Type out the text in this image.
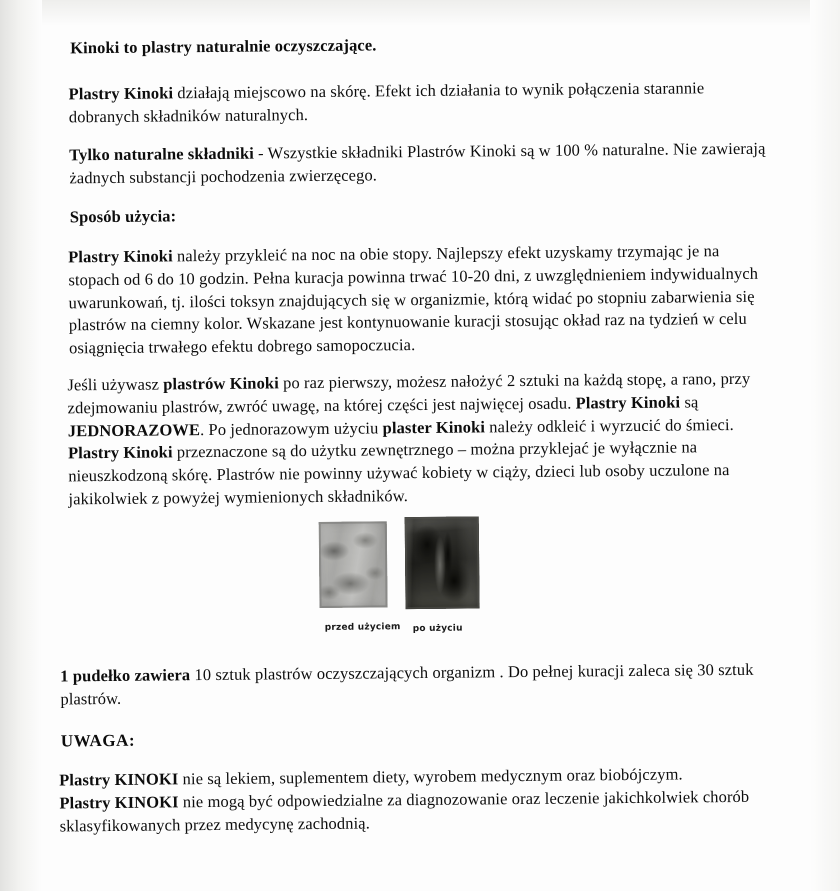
Kinoki to plastry naturalnie oczyszczające.
Plastry Kinoki działają miejscowo na skórę. Efekt ich działania to wynik połączenia starannie dobranych składników naturalnych.
Tylko naturalne składniki - Wszystkie składniki Plastrów Kinoki są w 100 % naturalne. Nie zawierają żadnych substancji pochodzenia zwierzęcego.
Sposób użycia:
Plastry Kinoki należy przykleić na noc na obie stopy. Najlepszy efekt uzyskamy trzymając je na stopach od 6 do 10 godzin. Pełna kuracja powinna trwać 10-20 dni, z uwzględnieniem indywidualnych uwarunkowań, tj. ilości toksyn znajdujących się w organizmie, którą widać po stopniu zabarwienia się plastrów na ciemny kolor. Wskazane jest kontynuowanie kuracji stosując okład raz na tydzień w celu osiągnięcia trwałego efektu dobrego samopoczucia.
Jeśli używasz plastrów Kinoki po raz pierwszy, możesz nałożyć 2 sztuki na każdą stopę, a rano, przy zdejmowaniu plastrów, zwróć uwagę, na której części jest najwięcej osadu. Plastry Kinoki są JEDNORAZOWE. Po jednorazowym użyciu plaster Kinoki należy odkleić i wyrzucić do śmieci. Plastry Kinoki przeznaczone są do użytku zewnętrznego – można przyklejać je wyłącznie na nieuszkodzoną skórę. Plastrów nie powinny używać kobiety w ciąży, dzieci lub osoby uczulone na jakikolwiek z powyżej wymienionych składników.
przed użyciem po użyciu
1 pudełko zawiera 10 sztuk plastrów oczyszczających organizm . Do pełnej kuracji zaleca się 30 sztuk plastrów.
UWAGA:
Plastry KINOKI nie są lekiem, suplementem diety, wyrobem medycznym oraz biobójczym.
Plastry KINOKI nie mogą być odpowiedzialne za diagnozowanie oraz leczenie jakichkolwiek chorób sklasyfikowanych przez medycynę zachodnią.
